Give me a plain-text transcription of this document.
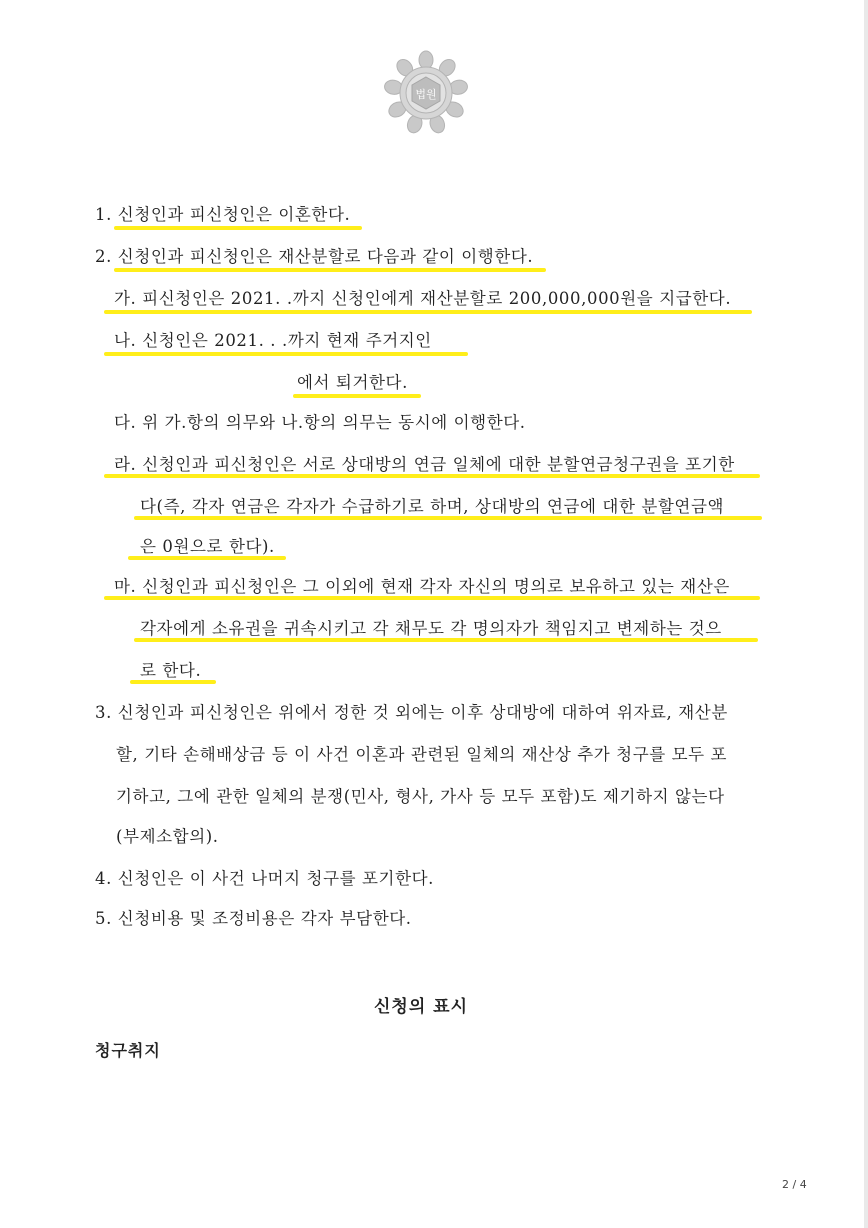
법원
1. 신청인과 피신청인은 이혼한다.
2. 신청인과 피신청인은 재산분할로 다음과 같이 이행한다.
가. 피신청인은 2021. .까지 신청인에게 재산분할로 200,000,000원을 지급한다.
나. 신청인은 2021. . .까지 현재 주거지인
에서 퇴거한다.
다. 위 가.항의 의무와 나.항의 의무는 동시에 이행한다.
라. 신청인과 피신청인은 서로 상대방의 연금 일체에 대한 분할연금청구권을 포기한
다(즉, 각자 연금은 각자가 수급하기로 하며, 상대방의 연금에 대한 분할연금액
은 0원으로 한다).
마. 신청인과 피신청인은 그 이외에 현재 각자 자신의 명의로 보유하고 있는 재산은
각자에게 소유권을 귀속시키고 각 채무도 각 명의자가 책임지고 변제하는 것으
로 한다.
3. 신청인과 피신청인은 위에서 정한 것 외에는 이후 상대방에 대하여 위자료, 재산분
할, 기타 손해배상금 등 이 사건 이혼과 관련된 일체의 재산상 추가 청구를 모두 포
기하고, 그에 관한 일체의 분쟁(민사, 형사, 가사 등 모두 포함)도 제기하지 않는다
(부제소합의).
4. 신청인은 이 사건 나머지 청구를 포기한다.
5. 신청비용 및 조정비용은 각자 부담한다.
신청의 표시
청구취지
2 / 4
